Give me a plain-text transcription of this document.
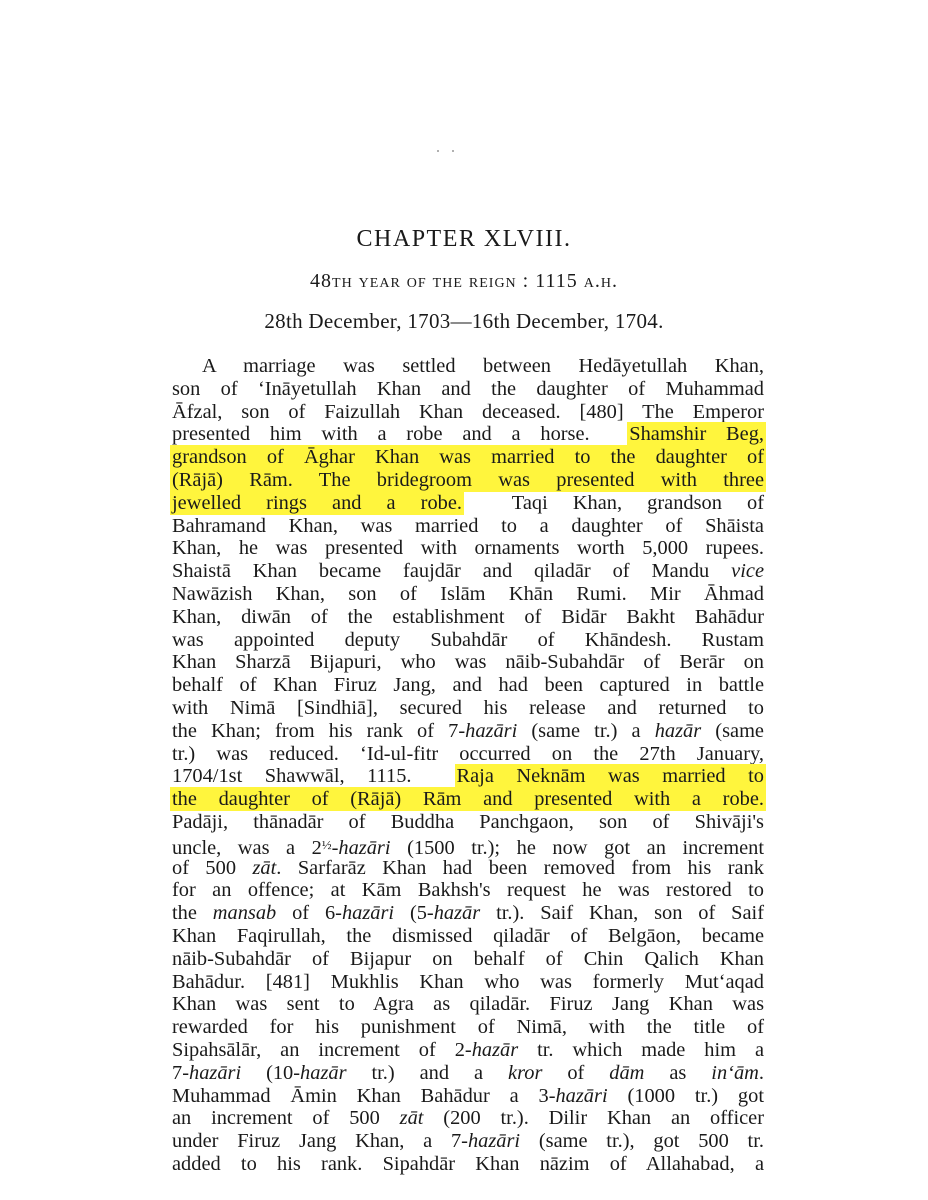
CHAPTER XLVIII.

48th year of the reign : 1115 a.h.

28th December, 1703—16th December, 1704.

A marriage was settled between Hedāyetullah Khan,
son of ‘Ināyetullah Khan and the daughter of Muhammad
Āfzal, son of Faizullah Khan deceased. [480] The Emperor
presented him with a robe and a horse. Shamshir Beg,
grandson of Āghar Khan was married to the daughter of
(Rājā) Rām. The bridegroom was presented with three
jewelled rings and a robe. Taqi Khan, grandson of
Bahramand Khan, was married to a daughter of Shāista
Khan, he was presented with ornaments worth 5,000 rupees.
Shaistā Khan became faujdār and qiladār of Mandu vice
Nawāzish Khan, son of Islām Khān Rumi. Mir Āhmad
Khan, diwān of the establishment of Bidār Bakht Bahādur
was appointed deputy Subahdār of Khāndesh. Rustam
Khan Sharzā Bijapuri, who was nāib-Subahdār of Berār on
behalf of Khan Firuz Jang, and had been captured in battle
with Nimā [Sindhiā], secured his release and returned to
the Khan; from his rank of 7-hazāri (same tr.) a hazār (same
tr.) was reduced. ‘Id-ul-fitr occurred on the 27th January,
1704/1st Shawwāl, 1115. Raja Neknām was married to
the daughter of (Rājā) Rām and presented with a robe.
Padāji, thānadār of Buddha Panchgaon, son of Shivāji's
uncle, was a $2^{\frac{1}{2}}$-hazāri (1500 tr.); he now got an increment
of 500 zāt. Sarfarāz Khan had been removed from his rank
for an offence; at Kām Bakhsh's request he was restored to
the mansab of 6-hazāri (5-hazār tr.). Saif Khan, son of Saif
Khan Faqirullah, the dismissed qiladār of Belgāon, became
nāib-Subahdār of Bijapur on behalf of Chin Qalich Khan
Bahādur. [481] Mukhlis Khan who was formerly Mut‘aqad
Khan was sent to Agra as qiladār. Firuz Jang Khan was
rewarded for his punishment of Nimā, with the title of
Sipahsālār, an increment of 2-hazār tr. which made him a
7-hazāri (10-hazār tr.) and a kror of dām as in‘ām.
Muhammad Āmin Khan Bahādur a 3-hazāri (1000 tr.) got
an increment of 500 zāt (200 tr.). Dilir Khan an officer
under Firuz Jang Khan, a 7-hazāri (same tr.), got 500 tr.
added to his rank. Sipahdār Khan nāzim of Allahabad, a
